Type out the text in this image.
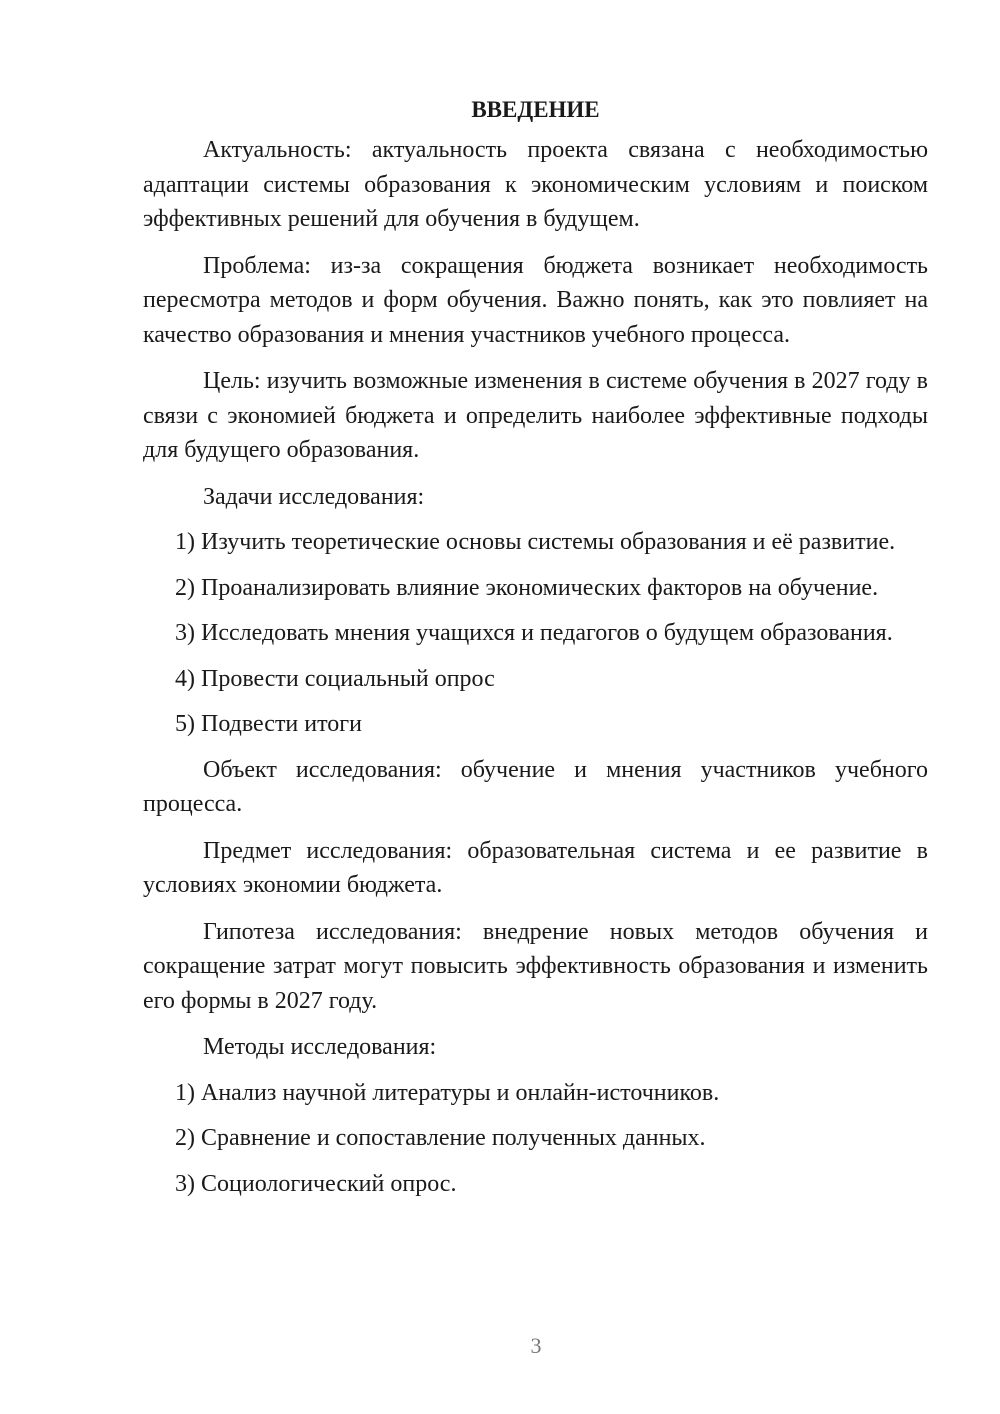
ВВЕДЕНИЕ
Актуальность: актуальность проекта связана с необходимостью адаптации системы образования к экономическим условиям и поиском эффективных решений для обучения в будущем.
Проблема: из-за сокращения бюджета возникает необходимость пересмотра методов и форм обучения. Важно понять, как это повлияет на качество образования и мнения участников учебного процесса.
Цель: изучить возможные изменения в системе обучения в 2027 году в связи с экономией бюджета и определить наиболее эффективные подходы для будущего образования.
Задачи исследования:
1) Изучить теоретические основы системы образования и её развитие.
2) Проанализировать влияние экономических факторов на обучение.
3) Исследовать мнения учащихся и педагогов о будущем образования.
4) Провести социальный опрос
5) Подвести итоги
Объект исследования: обучение и мнения участников учебного процесса.
Предмет исследования: образовательная система и ее развитие в условиях экономии бюджета.
Гипотеза исследования: внедрение новых методов обучения и сокращение затрат могут повысить эффективность образования и изменить его формы в 2027 году.
Методы исследования:
1) Анализ научной литературы и онлайн-источников.
2) Сравнение и сопоставление полученных данных.
3) Социологический опрос.
3
